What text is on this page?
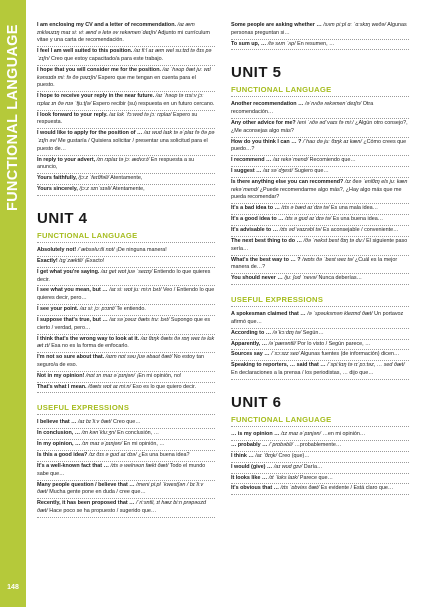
FUNCTIONAL LANGUAGE
148
I am enclosing my CV and a letter of recommendation. /aɪ æm ɪnkləʊzɪŋ maɪ siː viː ænd ə letə əv rekəmenˈdeɪʃn/ Adjunto mi currículum vitae y una carta de recomendación.
I feel I am well suited to this position. /aɪ fiːl aɪ æm wel suːtɪd tə ðɪs pəˈzɪʃn/ Creo que estoy capacitado/a para este trabajo.
I hope that you will consider me for the position. /aɪ ˈhəʊp ðæt juː wɪl kənsɪdə miː fə ðə pəzɪʃn/ Espero que me tengan en cuenta para el puesto.
I hope to receive your reply in the near future. /aɪ ˈhəʊp tə rɪsiːv jɔː rɪplaɪ ɪn ðə nɪə ˈfjuːtʃə/ Espero recibir (su) respuesta en un futuro cercano.
I look forward to your reply. /aɪ lʊk ˈfɔːwəd tə jɔː rɪplaɪ/ Espero su respuesta.
I would like to apply for the position of … /aɪ wʊd laɪk tə əˈplaɪ fə ðə pəˈzɪʃn əv/ Me gustaría / Quisiera solicitar / presentar una solicitud para el puesto de…
In reply to your advert, /ɪn rɪplaɪ tə jɔː ædvɜːt/ En respuesta a su anuncio,
Yours faithfully, /jɔːz ˈfeɪθfəli/ Atentamente,
Yours sincerely, /jɔːz sɪnˈsɪəli/ Atentamente,
UNIT 4
FUNCTIONAL LANGUAGE
Absolutely not! /ˈæbsəluːtli nɒt/ ¡De ninguna manera!
Exactly! /ɪgˈzæktli/ ¡Exacto!
I get what you're saying. /aɪ get wɒt jʊə ˈseɪɪŋ/ Entiendo lo que quieres decir.
I see what you mean, but … /aɪ siː wɒt juː miːn bʌt/ Veo / Entiendo lo que quieres decir, pero…
I see your point. /aɪ siː jɔː pɔɪnt/ Te entiendo.
I suppose that's true, but … /aɪ səˈpəʊz ðæts truː bʌt/ Supongo que es cierto / verdad, pero…
I think that's the wrong way to look at it. /aɪ θɪŋk ðæts ðə rɒŋ weɪ tə lʊk æt ɪt/ Esa no es la forma de enfocarlo.
I'm not so sure about that. /aɪm nɒt səʊ ʃʊə əbaʊt ðæt/ No estoy tan seguro/a de eso.
Not in my opinion! /nɒt ɪn maɪ əˈpɪnjən/ ¡En mi opinión, no!
That's what I mean. /ðæts wɒt aɪ miːn/ Eso es lo que quiero decir.
USEFUL EXPRESSIONS
I believe that … /aɪ bɪˈliːv ðæt/ Creo que…
In conclusion, … /ɪn kənˈkluːʒn/ En conclusión, …
In my opinion, … /ɪn maɪ əˈpɪnjən/ En mi opinión, …
Is this a good idea? /ɪz ðɪs ə gʊd aɪˈdɪə/ ¿Es una buena idea?
It's a well-known fact that … /ɪts ə welnəʊn fækt ðæt/ Todo el mundo sabe que…
Many people question / believe that … /meni piːpl ˈkwestʃən / bɪˈliːv ðæt/ Mucha gente pone en duda / cree que…
Recently, it has been proposed that … /ˈriːsntli, ɪt hæz biːn prəpəʊzd ðæt/ Hace poco se ha propuesto / sugerido que…
Some people are asking whether … /sʌm piːpl ɑː ˈɑːskɪŋ weðə/ Algunas personas preguntan si…
To sum up, … /tə sʌm ˈʌp/ En resumen, …
UNIT 5
FUNCTIONAL LANGUAGE
Another recommendation … /əˈnʌðə rekəmenˈdeɪʃn/ Otra recomendación…
Any other advice for me? /eni ˈʌðə ədˈvaɪs fə miː/ ¿Algún otro consejo?, ¿Me aconsejas algo más?
How do you think I can … ? /ˈhaʊ də juː θɪŋk aɪ kæn/ ¿Cómo crees que puedo…?
I recommend … /aɪ rekəˈmend/ Recomiendo que…
I suggest … /aɪ səˈdʒest/ Sugiero que…
Is there anything else you can recommend? /ɪz ðeə ˈeniθɪŋ els juː kæn rekəˈmend/ ¿Puede recomendarme algo más?, ¿Hay algo más que me pueda recomendar?
It's a bad idea to … /ɪts ə bæd aɪˈdɪə tə/ Es una mala idea…
It's a good idea to … /ɪts ə gʊd aɪˈdɪə tə/ Es una buena idea…
It's advisable to … /ɪts ədˈvaɪzəbl tə/ Es aconsejable / conveniente…
The next best thing to do … /ðə ˈnekst best θɪŋ tə duː/ El siguiente paso sería…
What's the best way to … ? /wɒts ðə ˈbest weɪ tə/ ¿Cuál es la mejor manera de…?
You should never … /juː ʃʊd ˈnevə/ Nunca deberías…
USEFUL EXPRESSIONS
A spokesman claimed that … /ə ˈspəʊksmən kleɪmd ðæt/ Un portavoz afirmó que…
According to … /əˈkɔːdɪŋ tə/ Según…
Apparently, … /əˈpærəntli/ Por lo visto / Según parece, …
Sources say … /ˈsɔːsɪz seɪ/ Algunas fuentes (de información) dicen…
Speaking to reporters, … said that … /ˈspiːkɪŋ tə rɪˈpɔːtəz, … sed ðæt/ En declaraciones a la prensa / los periodistas, … dijo que…
UNIT 6
FUNCTIONAL LANGUAGE
… is my opinion … /ɪz maɪ əˈpɪnjən/ …en mi opinión…
… probably … /ˈprɒbəbli/ …probablemente…
I think … /aɪ ˈθɪŋk/ Creo (que)…
I would (give) … /aɪ wʊd gɪv/ Daría…
It looks like … /ɪt ˈlʊks laɪk/ Parece que…
It's obvious that … /ɪts ˈɒbviəs ðæt/ Es evidente / Está claro que…
